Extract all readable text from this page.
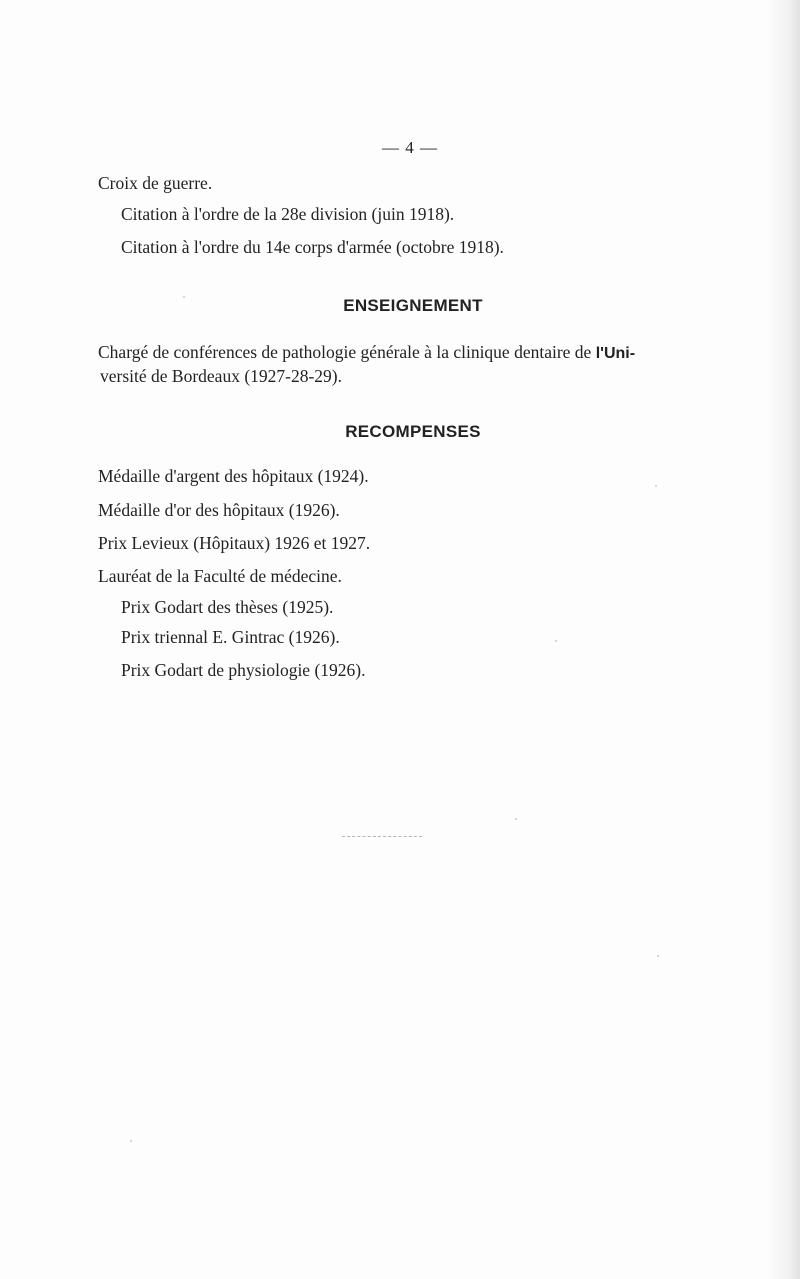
— 4 —
Croix de guerre.
Citation à l'ordre de la 28e division (juin 1918).
Citation à l'ordre du 14e corps d'armée (octobre 1918).
ENSEIGNEMENT
Chargé de conférences de pathologie générale à la clinique dentaire de l'Uni-
versité de Bordeaux (1927-28-29).
RECOMPENSES
Médaille d'argent des hôpitaux (1924).
Médaille d'or des hôpitaux (1926).
Prix Levieux (Hôpitaux) 1926 et 1927.
Lauréat de la Faculté de médecine.
Prix Godart des thèses (1925).
Prix triennal E. Gintrac (1926).
Prix Godart de physiologie (1926).
